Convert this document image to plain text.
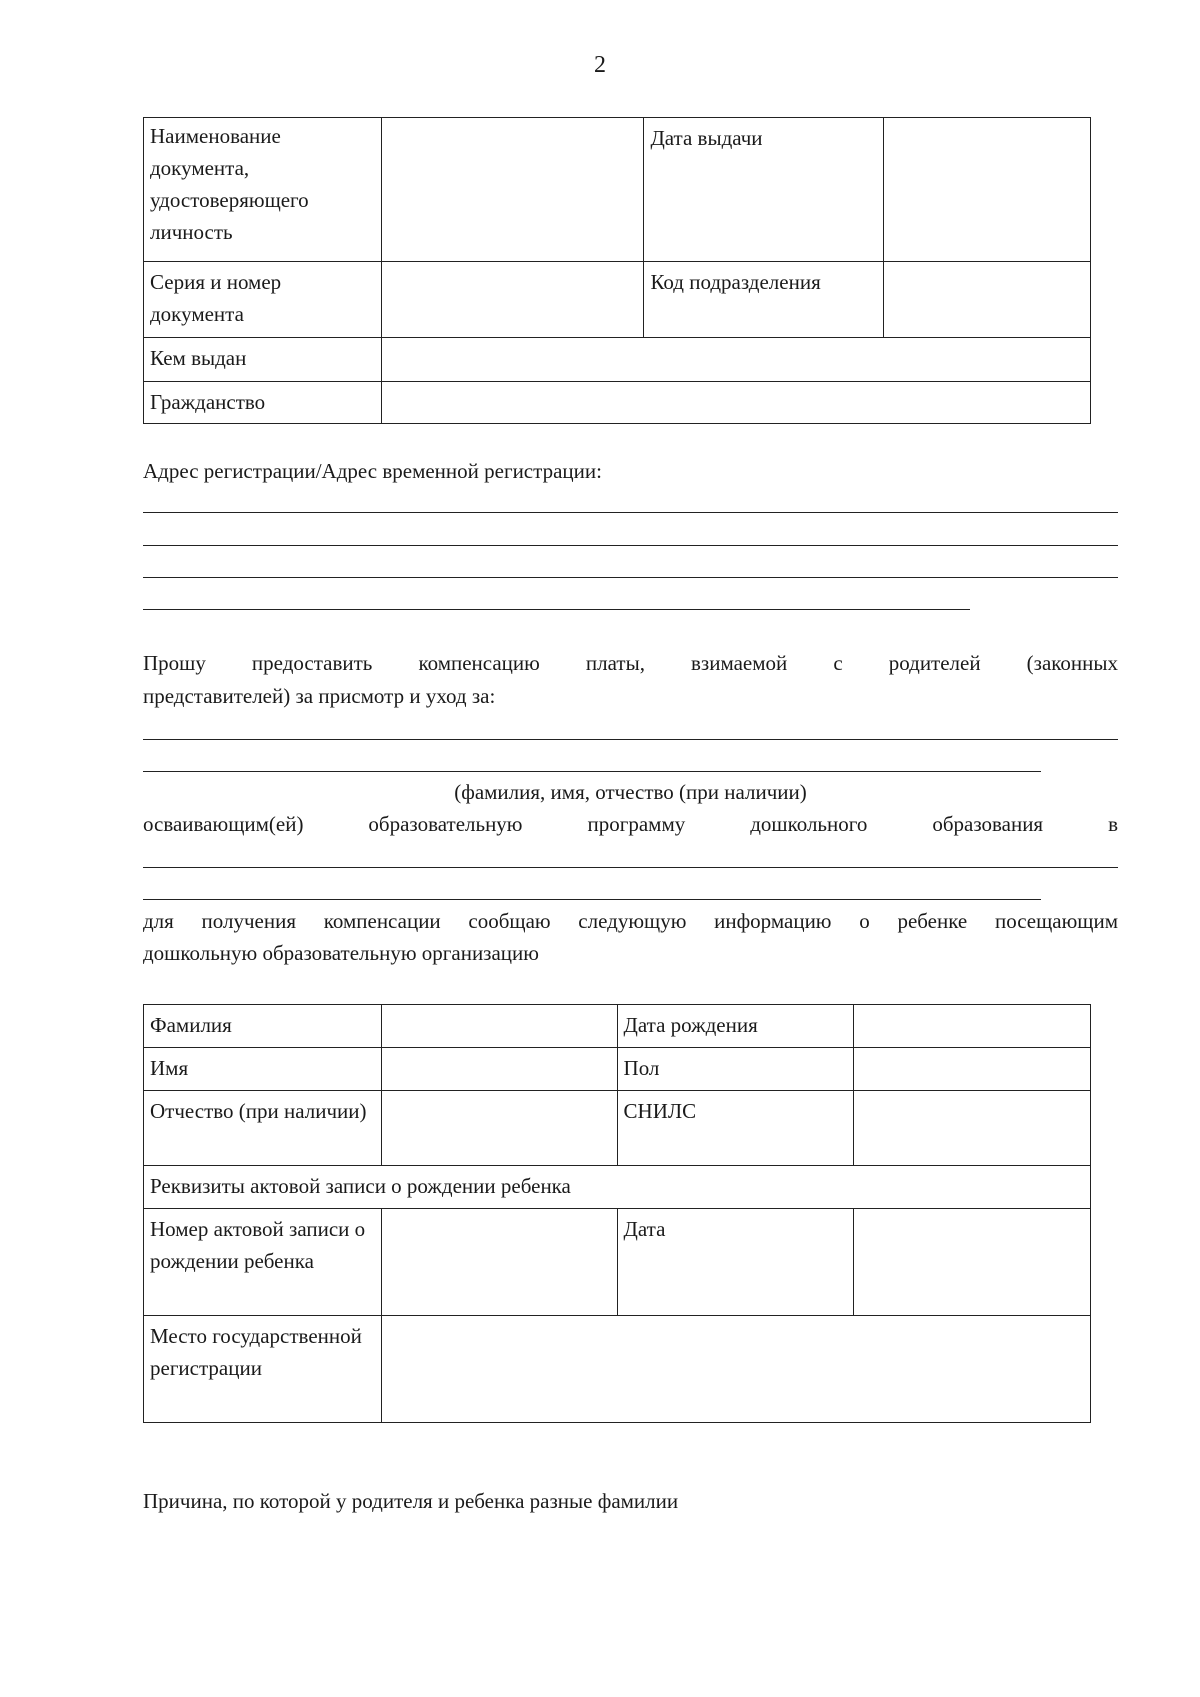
2
Наименование документа, удостоверяющего личность		Дата выдачи	
Серия и номер документа		Код подразделения	
Кем выдан			
Гражданство			
Адрес регистрации/Адрес временной регистрации:
Прошу предоставить компенсацию платы, взимаемой с родителей (законных
представителей) за присмотр и уход за:
(фамилия, имя, отчество (при наличии)
осваивающим(ей) образовательную программу дошкольного образования в
для получения компенсации сообщаю следующую информацию о ребенке посещающим
дошкольную образовательную организацию
Фамилия		Дата рождения	
Имя		Пол	
Отчество (при наличии)		СНИЛС	
Реквизиты актовой записи о рождении ребенка			
Номер актовой записи о рождении ребенка		Дата	
Место государственной регистрации			
Причина, по которой у родителя и ребенка разные фамилии
